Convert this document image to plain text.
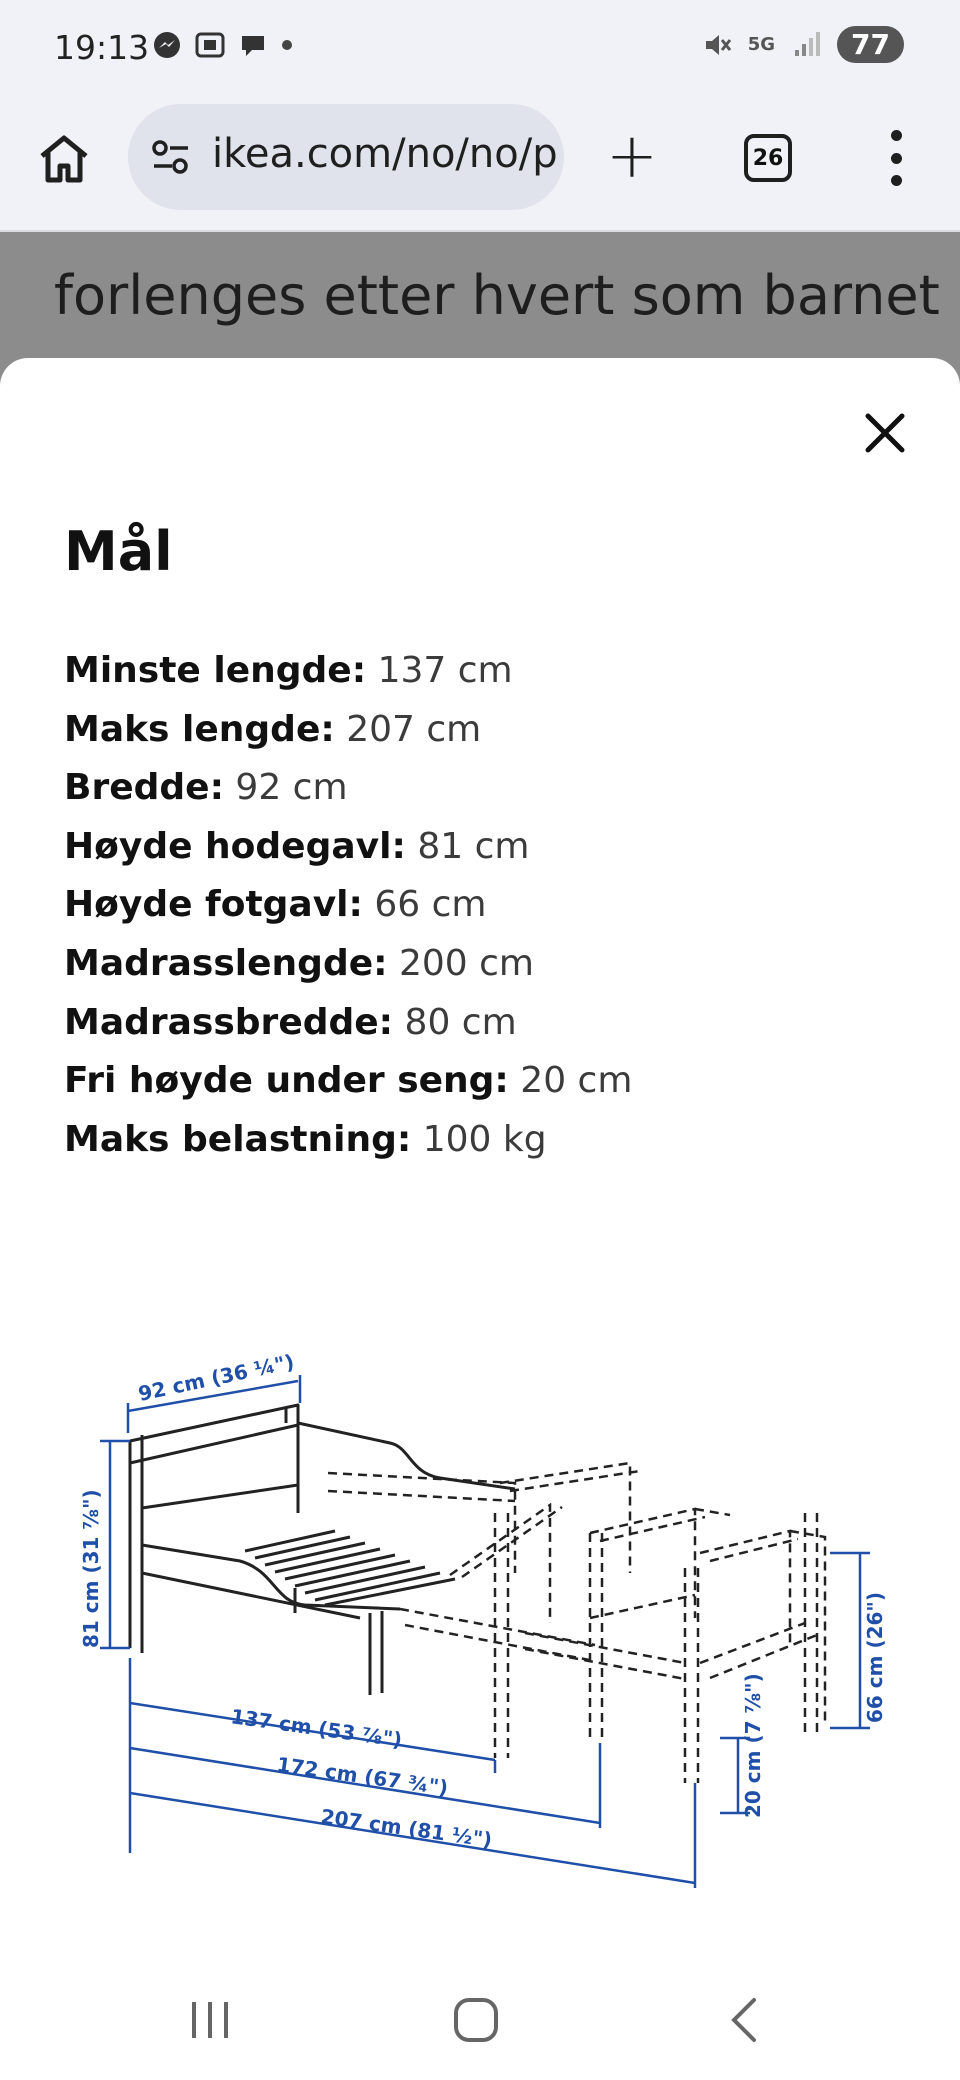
19:13	5G	77
ikea.com/no/no/p +	26
forlenges etter hvert som barnet
Mål
Minste lengde: 137 cm
Maks lengde: 207 cm
Bredde: 92 cm
Høyde hodegavl: 81 cm
Høyde fotgavl: 66 cm
Madrasslengde: 200 cm
Madrassbredde: 80 cm
Fri høyde under seng: 20 cm
Maks belastning: 100 kg
92 cm (36 ¼")
81 cm (31 ⅞")
66 cm (26")
20 cm (7 ⅞")
137 cm (53 ⅞")
172 cm (67 ¾")
207 cm (81 ½")
